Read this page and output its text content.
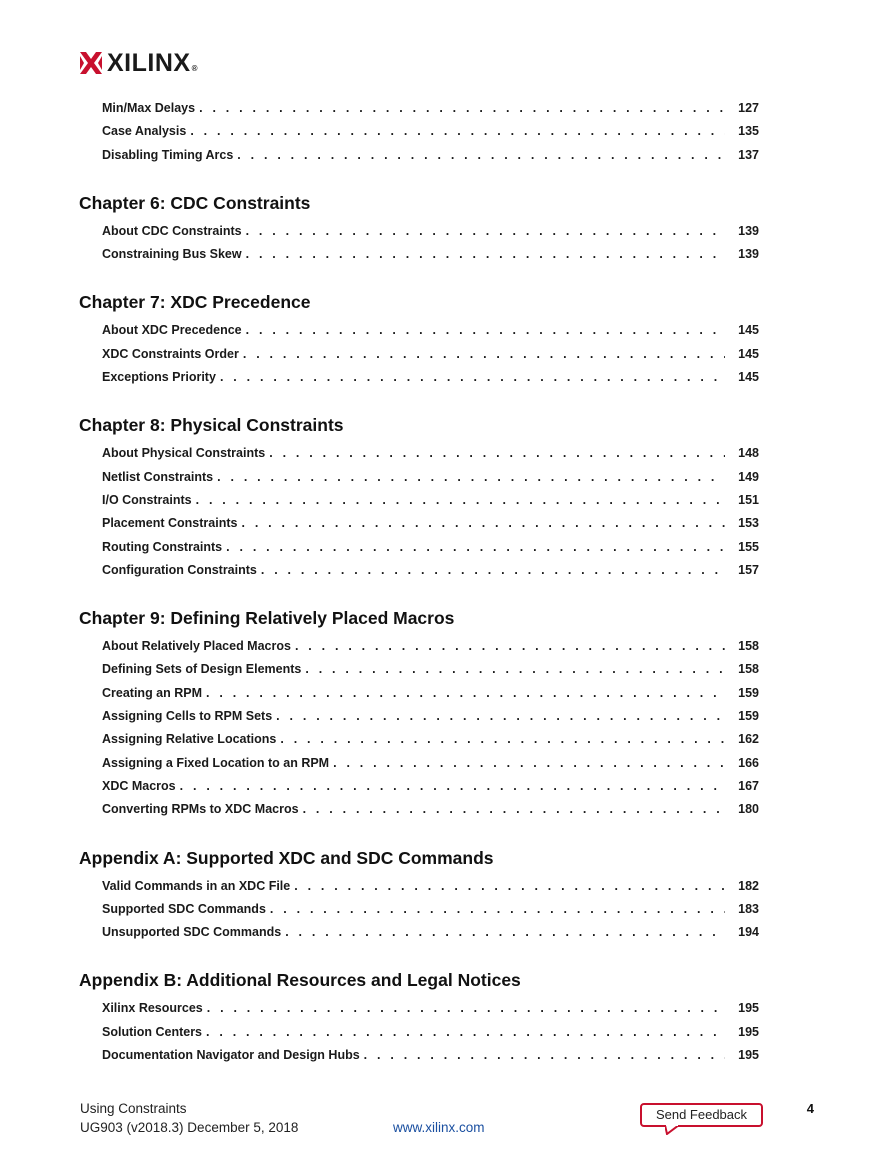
XILINX ®
Min/Max Delays . . .	127
Case Analysis . . .	135
Disabling Timing Arcs . . .	137
Chapter 6: CDC Constraints
About CDC Constraints . . .	139
Constraining Bus Skew . . .	139
Chapter 7: XDC Precedence
About XDC Precedence . . .	145
XDC Constraints Order . . .	145
Exceptions Priority . . .	145
Chapter 8: Physical Constraints
About Physical Constraints . . .	148
Netlist Constraints . . .	149
I/O Constraints . . .	151
Placement Constraints . . .	153
Routing Constraints . . .	155
Configuration Constraints . . .	157
Chapter 9: Defining Relatively Placed Macros
About Relatively Placed Macros . . .	158
Defining Sets of Design Elements . . .	158
Creating an RPM . . .	159
Assigning Cells to RPM Sets . . .	159
Assigning Relative Locations . . .	162
Assigning a Fixed Location to an RPM . . .	166
XDC Macros . . .	167
Converting RPMs to XDC Macros . . .	180
Appendix A: Supported XDC and SDC Commands
Valid Commands in an XDC File . . .	182
Supported SDC Commands . . .	183
Unsupported SDC Commands . . .	194
Appendix B: Additional Resources and Legal Notices
Xilinx Resources . . .	195
Solution Centers . . .	195
Documentation Navigator and Design Hubs . . .	195
Using Constraints
UG903 (v2018.3) December 5, 2018	www.xilinx.com
Send Feedback	4
